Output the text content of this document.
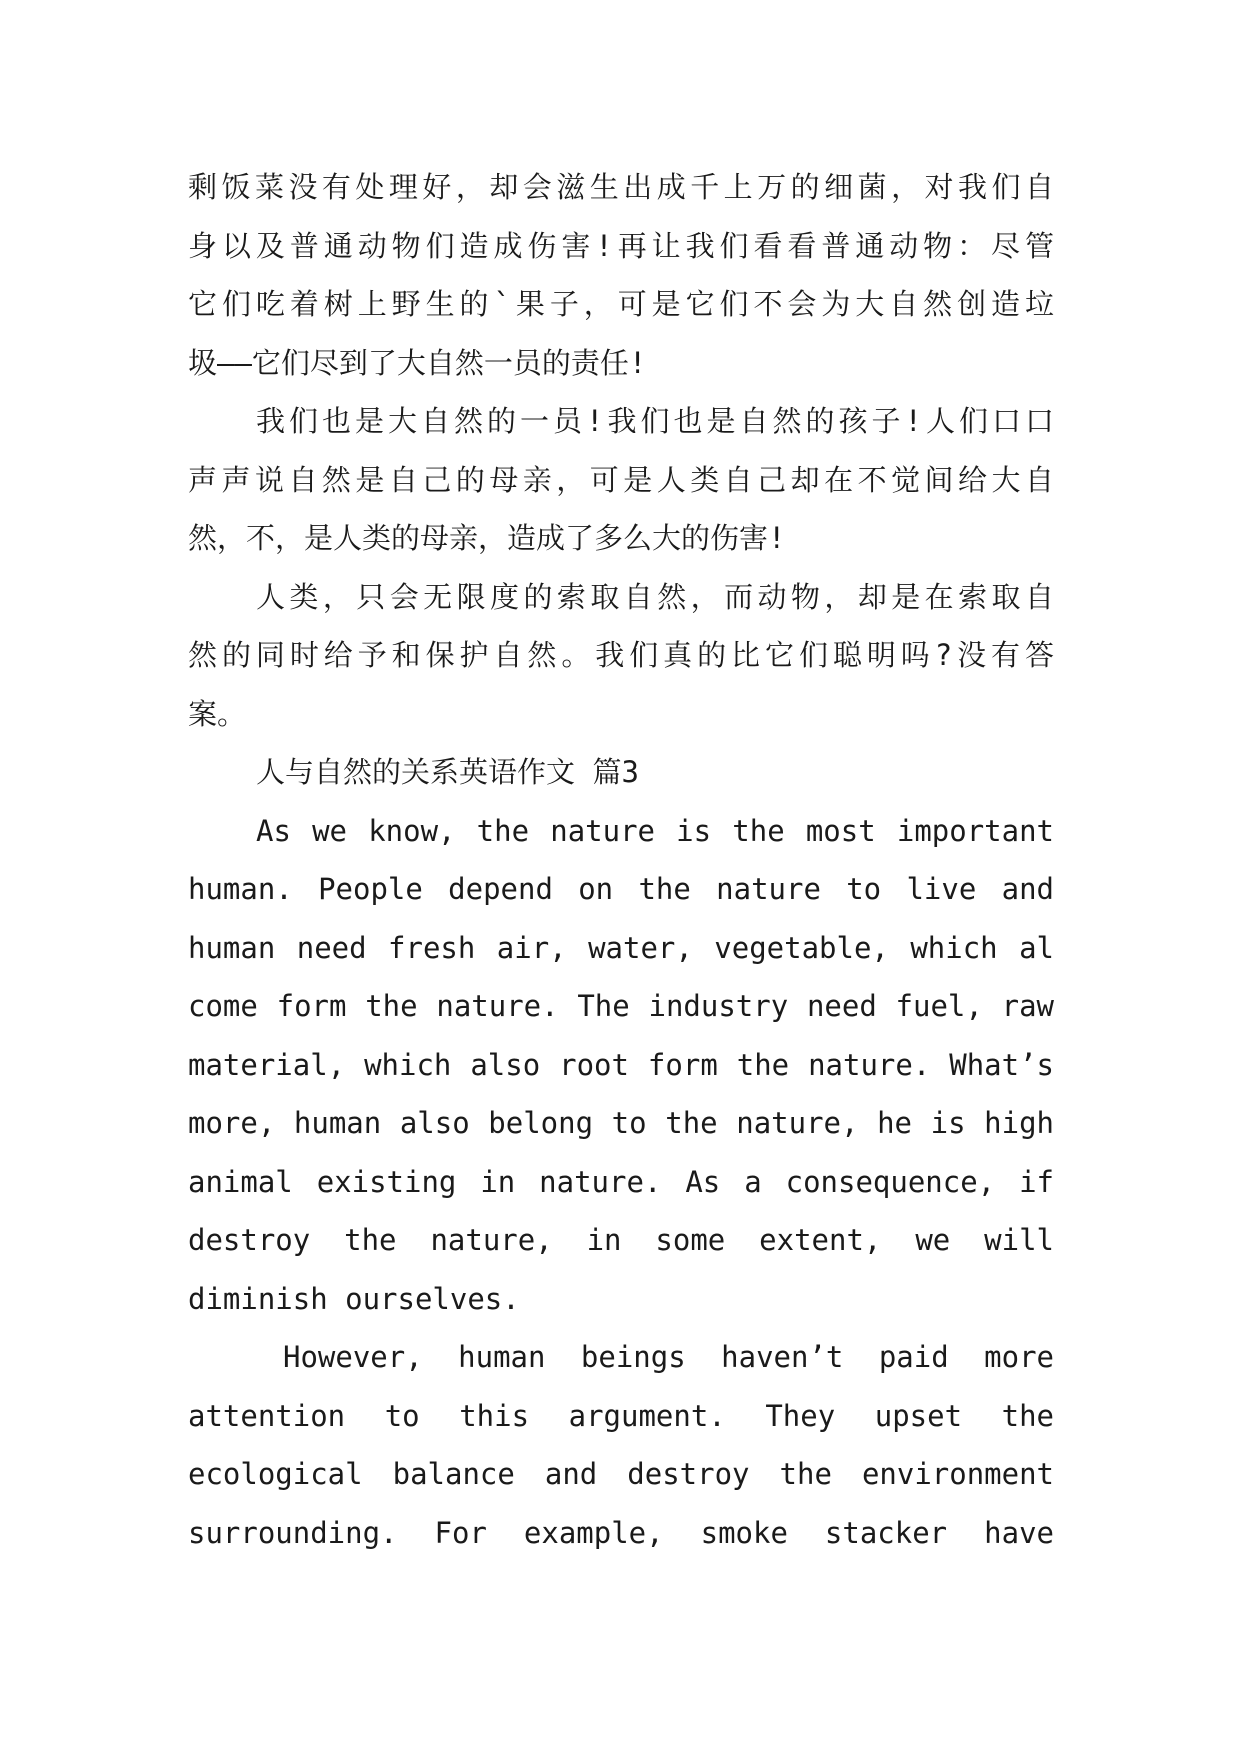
剩饭菜没有处理好，却会滋生出成千上万的细菌，对我们自
身以及普通动物们造成伤害!再让我们看看普通动物：尽管
它们吃着树上野生的`果子，可是它们不会为大自然创造垃
圾——它们尽到了大自然一员的责任!
我们也是大自然的一员!我们也是自然的孩子!人们口口
声声说自然是自己的母亲，可是人类自己却在不觉间给大自
然，不，是人类的母亲，造成了多么大的伤害!
人类，只会无限度的索取自然，而动物，却是在索取自
然的同时给予和保护自然。我们真的比它们聪明吗?没有答
案。
人与自然的关系英语作文 篇3
As we know, the nature is the most important
human. People depend on the nature to live and
human need fresh air, water, vegetable, which al
come form the nature. The industry need fuel, raw
material, which also root form the nature. What’s
more, human also belong to the nature, he is high
animal existing in nature. As a consequence, if
destroy the nature, in some extent, we will
diminish ourselves.
However, human beings haven’t paid more
attention to this argument. They upset the
ecological balance and destroy the environment
surrounding. For example, smoke stacker have
